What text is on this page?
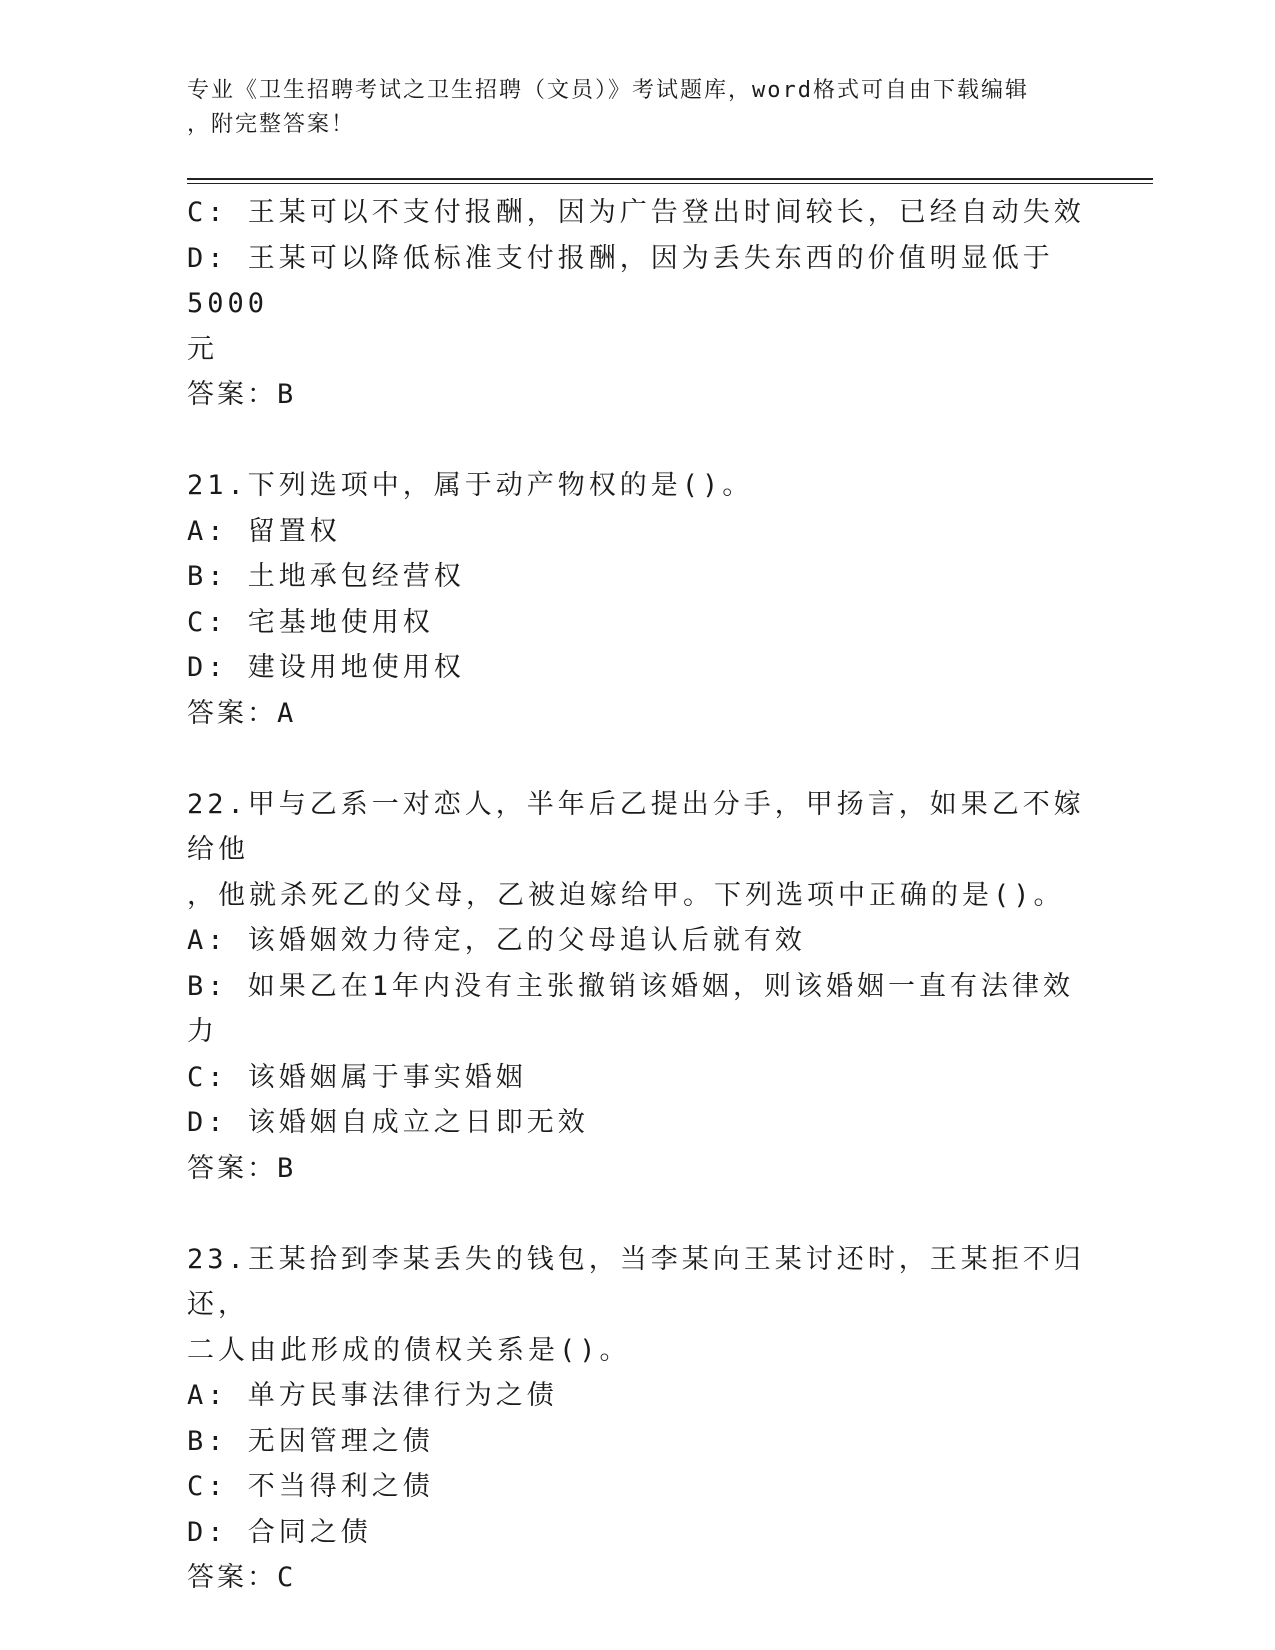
专业《卫生招聘考试之卫生招聘（文员）》考试题库，word格式可自由下载编辑
，附完整答案！
C: 王某可以不支付报酬，因为广告登出时间较长，已经自动失效
D: 王某可以降低标准支付报酬，因为丢失东西的价值明显低于5000
元
答案：B
21.下列选项中，属于动产物权的是()。
A: 留置权
B: 土地承包经营权
C: 宅基地使用权
D: 建设用地使用权
答案：A
22.甲与乙系一对恋人，半年后乙提出分手，甲扬言，如果乙不嫁给他
，他就杀死乙的父母，乙被迫嫁给甲。下列选项中正确的是()。
A: 该婚姻效力待定，乙的父母追认后就有效
B: 如果乙在1年内没有主张撤销该婚姻，则该婚姻一直有法律效力
C: 该婚姻属于事实婚姻
D: 该婚姻自成立之日即无效
答案：B
23.王某拾到李某丢失的钱包，当李某向王某讨还时，王某拒不归还，
二人由此形成的债权关系是()。
A: 单方民事法律行为之债
B: 无因管理之债
C: 不当得利之债
D: 合同之债
答案：C
